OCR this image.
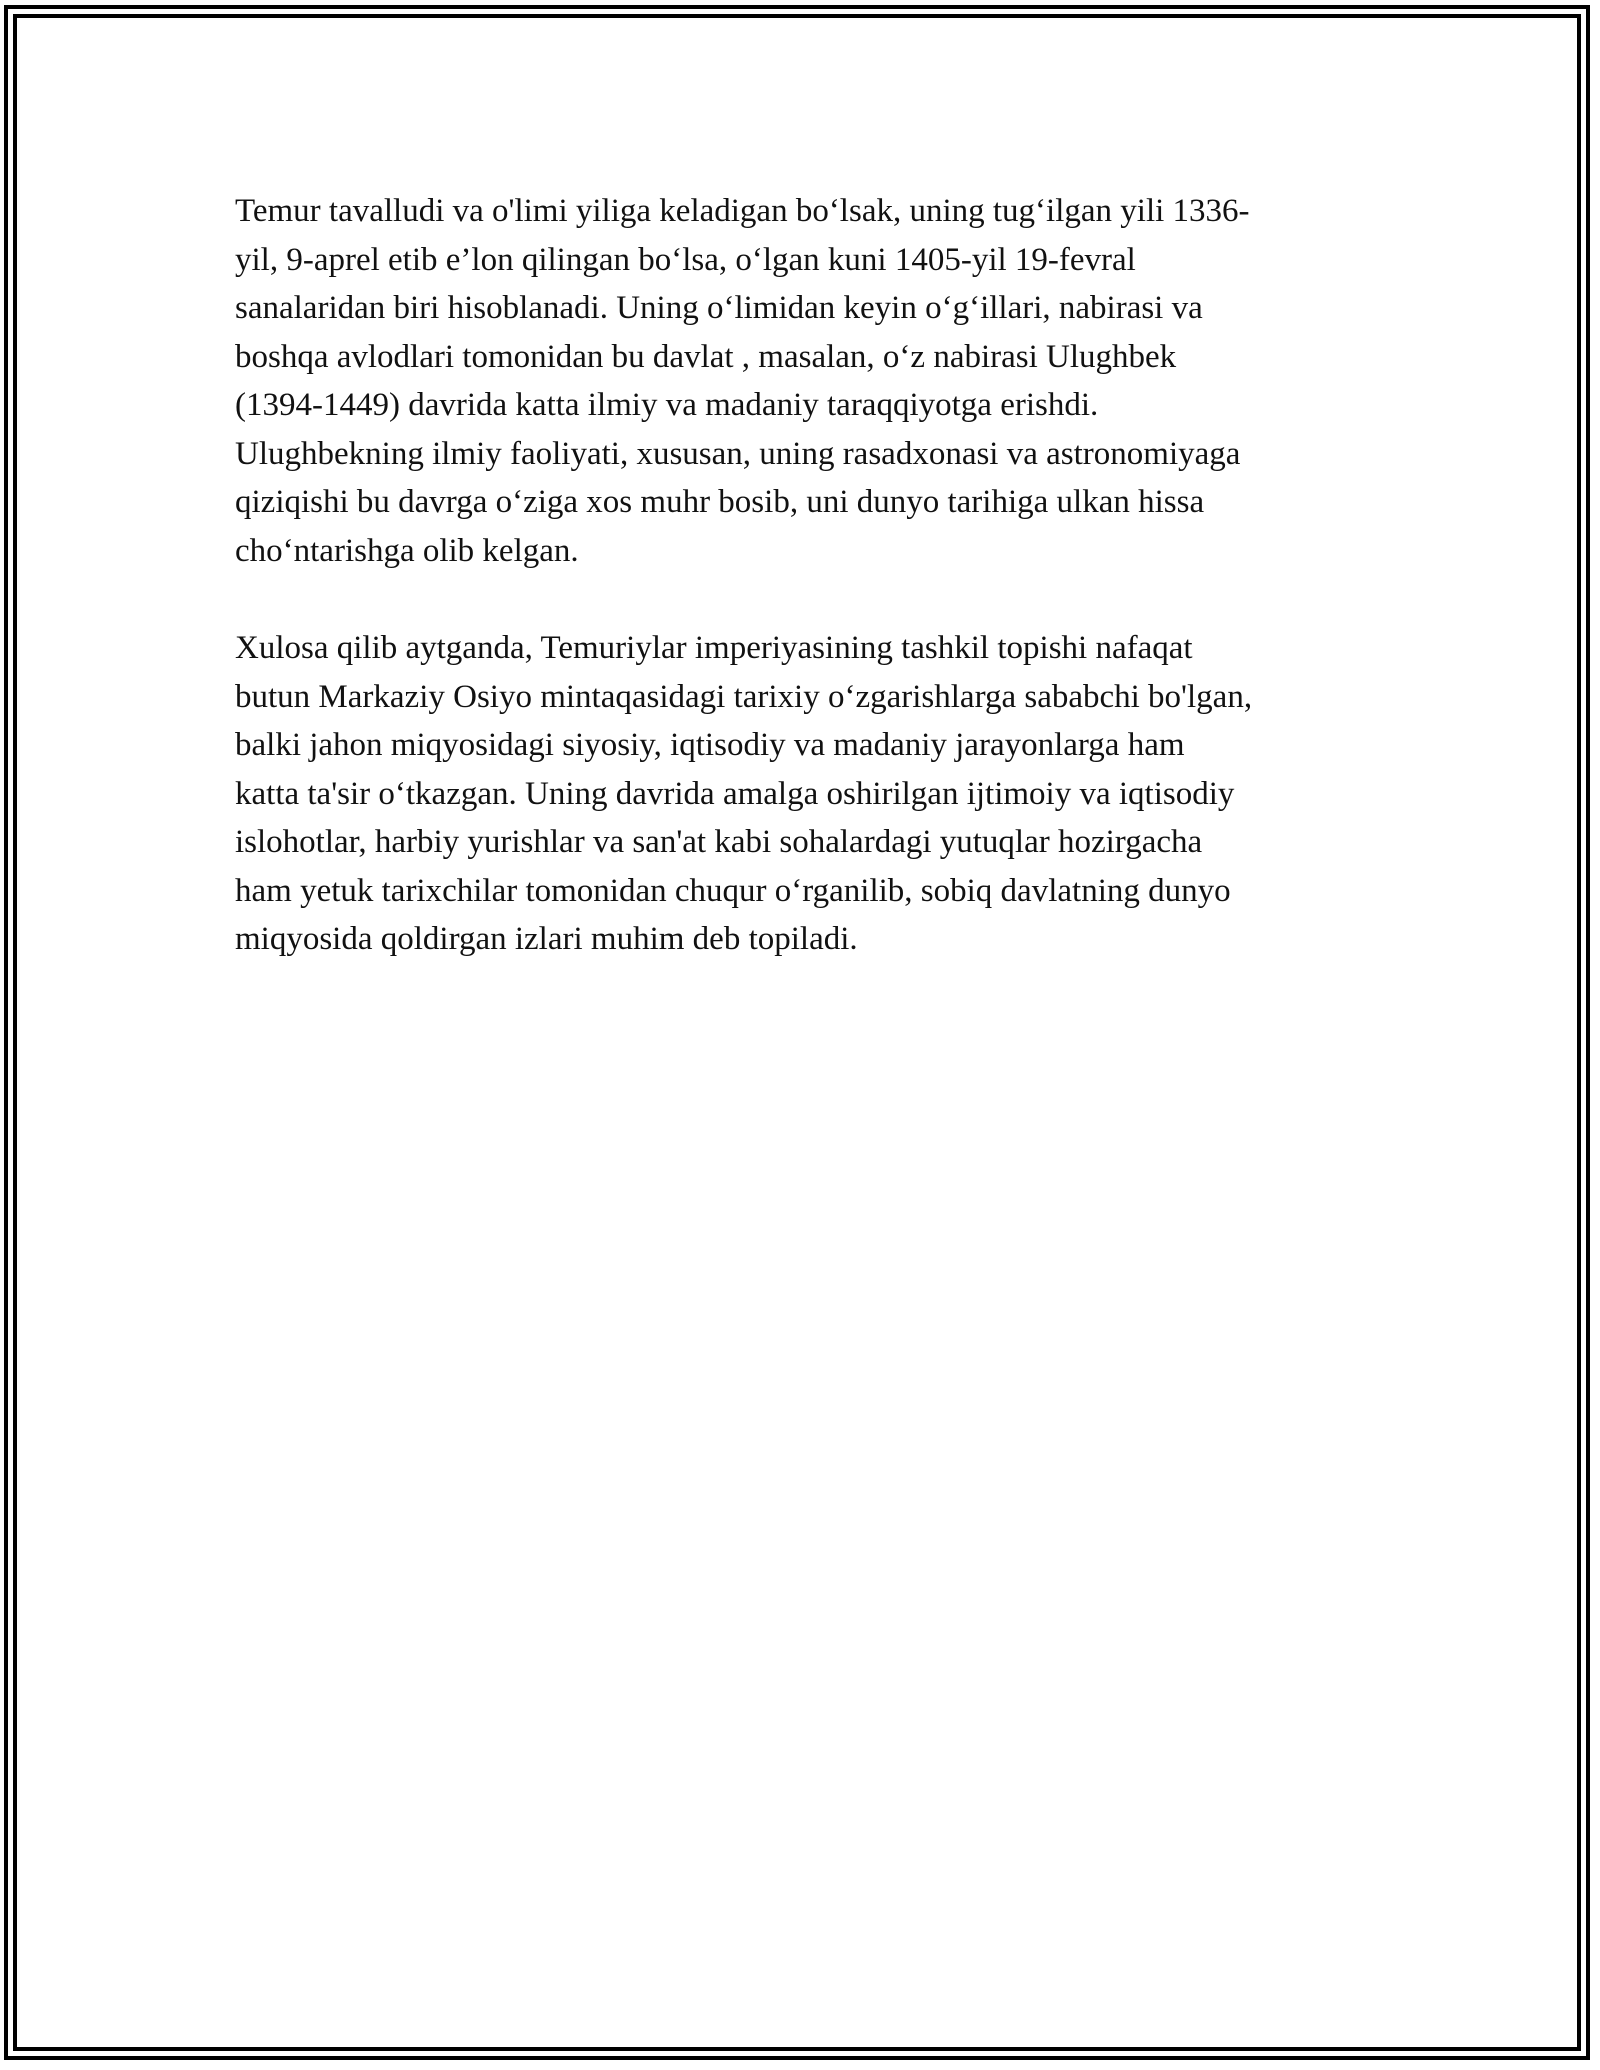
Temur tavalludi va o'limi yiliga keladigan boʻlsak, uning tugʻilgan yili 1336-
yil, 9-aprel etib e’lon qilingan boʻlsa, oʻlgan kuni 1405-yil 19-fevral
sanalaridan biri hisoblanadi. Uning oʻlimidan keyin oʻgʻillari, nabirasi va
boshqa avlodlari tomonidan bu davlat , masalan, oʻz nabirasi Ulughbek
(1394-1449) davrida katta ilmiy va madaniy taraqqiyotga erishdi.
Ulughbekning ilmiy faoliyati, xususan, uning rasadxonasi va astronomiyaga
qiziqishi bu davrga oʻziga xos muhr bosib, uni dunyo tarihiga ulkan hissa
choʻntarishga olib kelgan.

Xulosa qilib aytganda, Temuriylar imperiyasining tashkil topishi nafaqat
butun Markaziy Osiyo mintaqasidagi tarixiy oʻzgarishlarga sababchi bo'lgan,
balki jahon miqyosidagi siyosiy, iqtisodiy va madaniy jarayonlarga ham
katta ta'sir oʻtkazgan. Uning davrida amalga oshirilgan ijtimoiy va iqtisodiy
islohotlar, harbiy yurishlar va san'at kabi sohalardagi yutuqlar hozirgacha
ham yetuk tarixchilar tomonidan chuqur oʻrganilib, sobiq davlatning dunyo
miqyosida qoldirgan izlari muhim deb topiladi.
